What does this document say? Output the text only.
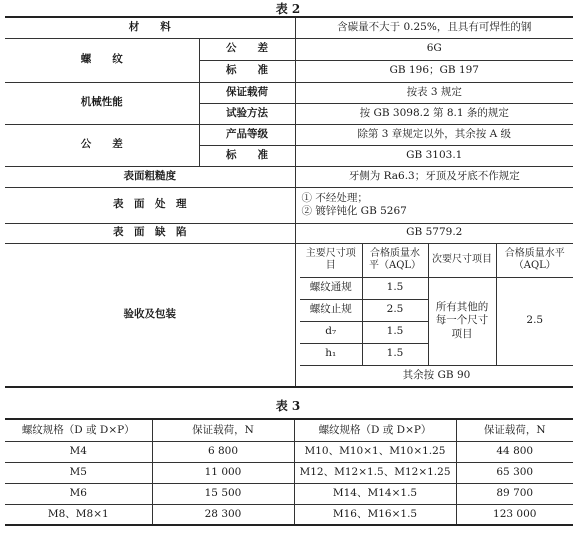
表 2
材　　料		含碳量不大于 0.25%，且具有可焊性的钢				
螺　　纹	公　　差	6G				
	标　　准	GB 196；GB 197				
机械性能	保证载荷	按表 3 规定				
	试验方法	按 GB 3098.2 第 8.1 条的规定				
公　　差	产品等级	除第 3 章规定以外，其余按 A 级				
	标　　准	GB 3103.1				
表面粗糙度		牙侧为 Ra6.3；牙顶及牙底不作规定				
表　面　处　理		① 不经处理；
② 镀锌钝化 GB 5267				

表　面　缺　陷		GB 5779.2				
验收及包装			主要尺寸项目	合格质量水平（AQL）	次要尺寸项目	合格质量水平（AQL）
			螺纹通规	1.5	所有其他的每一个尺寸项目	2.5
			螺纹止规	2.5		
			d₇	1.5		
			h₁	1.5		
			其余按 GB 90			
表 3
螺纹规格（D 或 D×P）	保证载荷，N	螺纹规格（D 或 D×P）	保证载荷，N
M4	6 800	M10、M10×1、M10×1.25	44 800
M5	11 000	M12、M12×1.5、M12×1.25	65 300
M6	15 500	M14、M14×1.5	89 700
M8、M8×1	28 300	M16、M16×1.5	123 000
